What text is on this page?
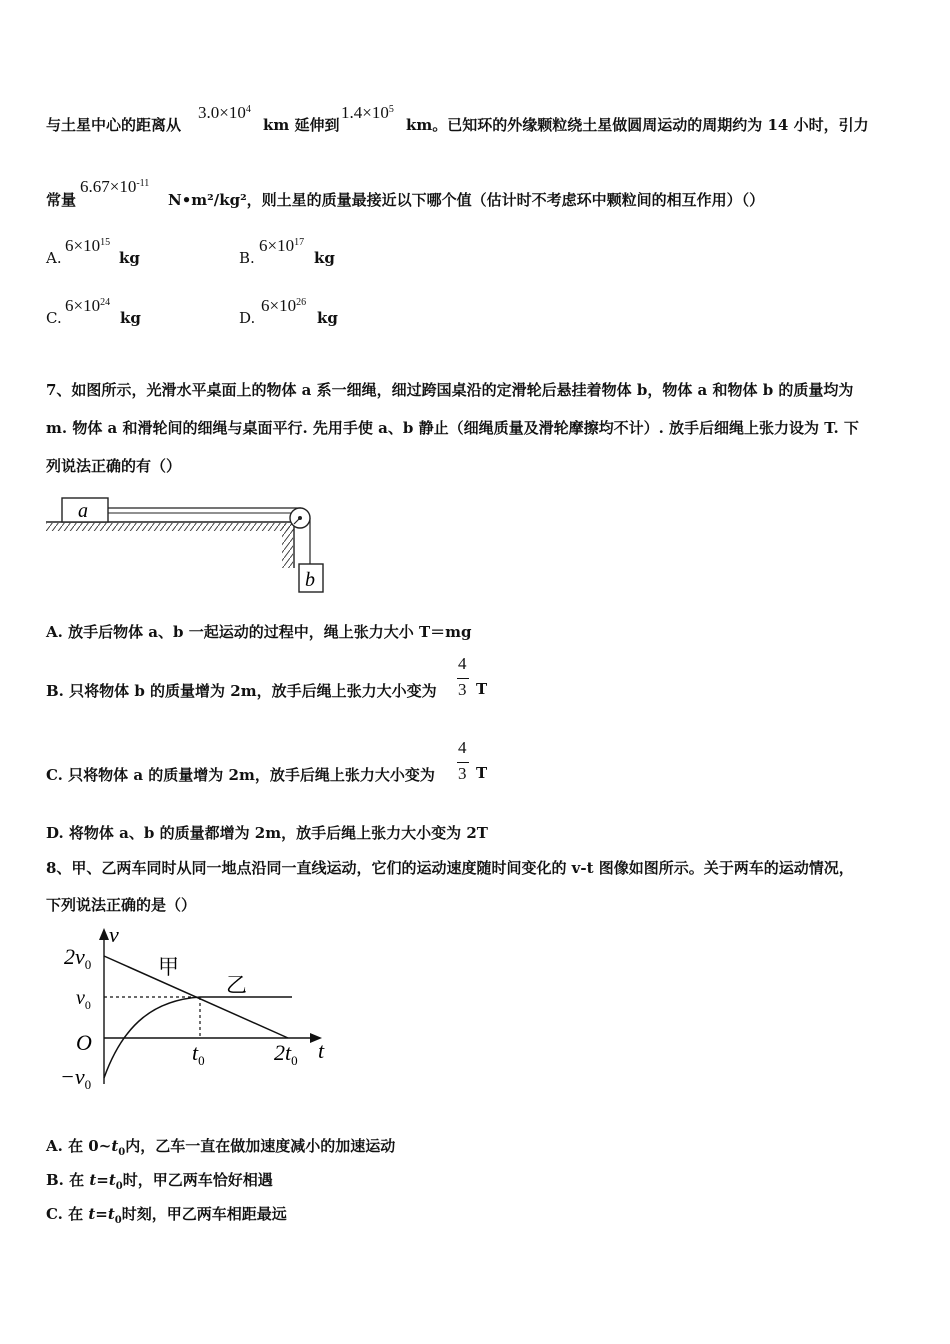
与土星中心的距离从
$3.0\times 10^4$
km 延伸到
$1.4\times 10^5$
km。已知环的外缘颗粒绕土星做圆周运动的周期约为 14 小时，引力
常量
$6.67\times 10^{-11}$
N•m²/kg²，则土星的质量最接近以下哪个值（估计时不考虑环中颗粒间的相互作用）（）
A.
$6\times 10^{15}$
kg	B.
$6\times 10^{17}$
kg
C.
$6\times 10^{24}$
kg	D.
$6\times 10^{26}$
kg
7、如图所示，光滑水平桌面上的物体 a 系一细绳，细过跨国桌沿的定滑轮后悬挂着物体 b，物体 a 和物体 b 的质量均为
m. 物体 a 和滑轮间的细绳与桌面平行. 先用手使 a、b 静止（细绳质量及滑轮摩擦均不计）. 放手后细绳上张力设为 T. 下
列说法正确的有（）
a
b
A. 放手后物体 a、b 一起运动的过程中，绳上张力大小 T＝mg
B. 只将物体 b 的质量增为 2m，放手后绳上张力大小变为
4
3 T
C. 只将物体 a 的质量增为 2m，放手后绳上张力大小变为
4
3 T
D. 将物体 a、b 的质量都增为 2m，放手后绳上张力大小变为 2T
8、甲、乙两车同时从同一地点沿同一直线运动，它们的运动速度随时间变化的 v-t 图像如图所示。关于两车的运动情况，
下列说法正确的是（）
v
t
O
$2v_0$
$v_0$
$-v_0$
$t_0$	$2t_0$
甲
乙
A. 在 $0\sim t_0$内，乙车一直在做加速度减小的加速运动
B. 在 $t=t_0$时，甲乙两车恰好相遇
C. 在 $t=t_0$时刻，甲乙两车相距最远
